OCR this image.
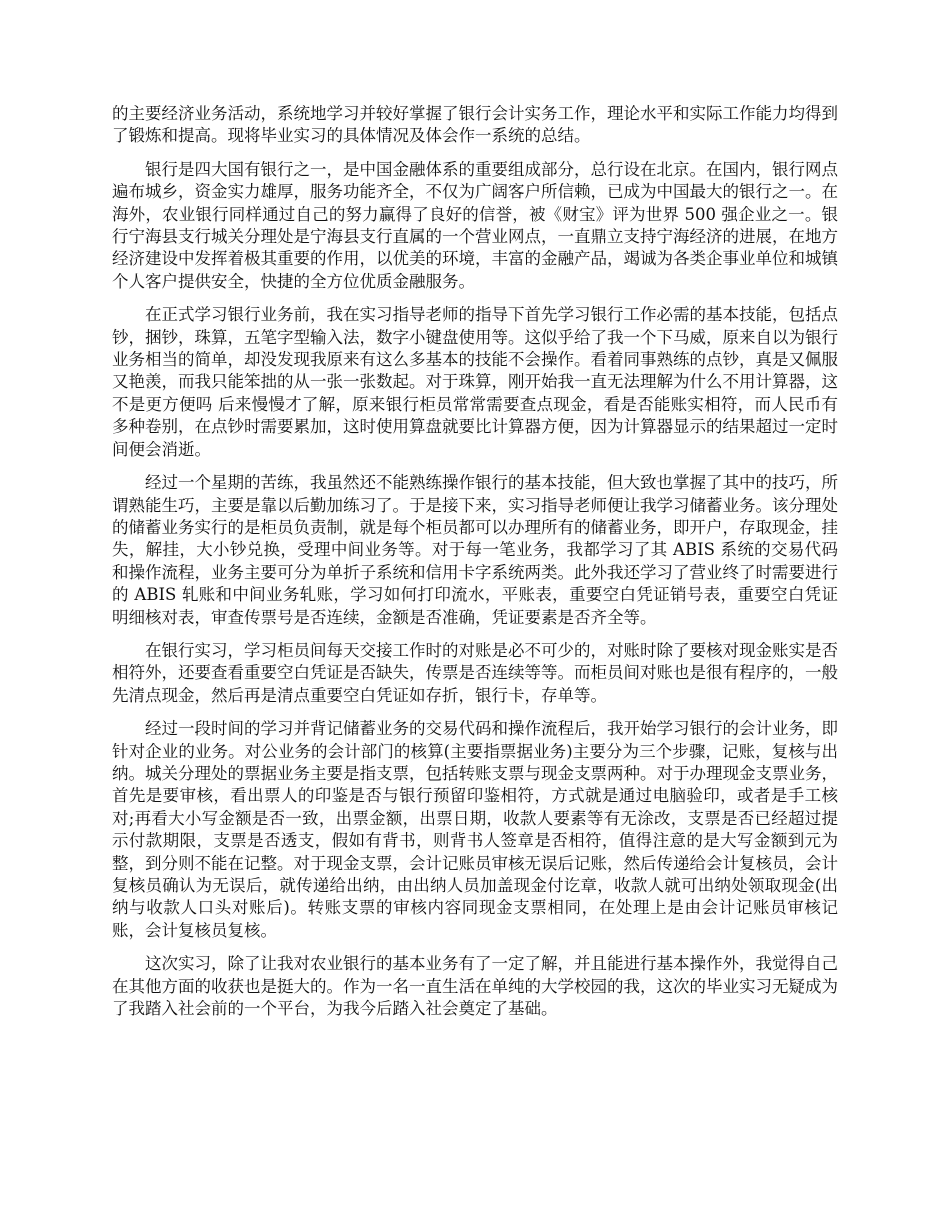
的主要经济业务活动，系统地学习并较好掌握了银行会计实务工作，理论水平和实际工作能力均得到了锻炼和提高。现将毕业实习的具体情况及体会作一系统的总结。

银行是四大国有银行之一，是中国金融体系的重要组成部分，总行设在北京。在国内，银行网点遍布城乡，资金实力雄厚，服务功能齐全，不仅为广阔客户所信赖，已成为中国最大的银行之一。在海外，农业银行同样通过自己的努力赢得了良好的信誉，被《财宝》评为世界 500 强企业之一。银行宁海县支行城关分理处是宁海县支行直属的一个营业网点，一直鼎立支持宁海经济的进展，在地方经济建设中发挥着极其重要的作用，以优美的环境，丰富的金融产品，竭诚为各类企事业单位和城镇个人客户提供安全，快捷的全方位优质金融服务。

在正式学习银行业务前，我在实习指导老师的指导下首先学习银行工作必需的基本技能，包括点钞，捆钞，珠算，五笔字型输入法，数字小键盘使用等。这似乎给了我一个下马威，原来自以为银行业务相当的简单，却没发现我原来有这么多基本的技能不会操作。看着同事熟练的点钞，真是又佩服又艳羡，而我只能笨拙的从一张一张数起。对于珠算，刚开始我一直无法理解为什么不用计算器，这不是更方便吗 后来慢慢才了解，原来银行柜员常常需要查点现金，看是否能账实相符，而人民币有多种卷别，在点钞时需要累加，这时使用算盘就要比计算器方便，因为计算器显示的结果超过一定时间便会消逝。

经过一个星期的苦练，我虽然还不能熟练操作银行的基本技能，但大致也掌握了其中的技巧，所谓熟能生巧，主要是靠以后勤加练习了。于是接下来，实习指导老师便让我学习储蓄业务。该分理处的储蓄业务实行的是柜员负责制，就是每个柜员都可以办理所有的储蓄业务，即开户，存取现金，挂失，解挂，大小钞兑换，受理中间业务等。对于每一笔业务，我都学习了其 ABIS 系统的交易代码和操作流程，业务主要可分为单折子系统和信用卡字系统两类。此外我还学习了营业终了时需要进行的 ABIS 轧账和中间业务轧账，学习如何打印流水，平账表，重要空白凭证销号表，重要空白凭证明细核对表，审查传票号是否连续，金额是否准确，凭证要素是否齐全等。

在银行实习，学习柜员间每天交接工作时的对账是必不可少的，对账时除了要核对现金账实是否相符外，还要查看重要空白凭证是否缺失，传票是否连续等等。而柜员间对账也是很有程序的，一般先清点现金，然后再是清点重要空白凭证如存折，银行卡，存单等。

经过一段时间的学习并背记储蓄业务的交易代码和操作流程后，我开始学习银行的会计业务，即针对企业的业务。对公业务的会计部门的核算(主要指票据业务)主要分为三个步骤，记账，复核与出纳。城关分理处的票据业务主要是指支票，包括转账支票与现金支票两种。对于办理现金支票业务，首先是要审核，看出票人的印鉴是否与银行预留印鉴相符，方式就是通过电脑验印，或者是手工核对;再看大小写金额是否一致，出票金额，出票日期，收款人要素等有无涂改，支票是否已经超过提示付款期限，支票是否透支，假如有背书，则背书人签章是否相符，值得注意的是大写金额到元为整，到分则不能在记整。对于现金支票，会计记账员审核无误后记账，然后传递给会计复核员，会计复核员确认为无误后，就传递给出纳，由出纳人员加盖现金付讫章，收款人就可出纳处领取现金(出纳与收款人口头对账后)。转账支票的审核内容同现金支票相同，在处理上是由会计记账员审核记账，会计复核员复核。

这次实习，除了让我对农业银行的基本业务有了一定了解，并且能进行基本操作外，我觉得自己在其他方面的收获也是挺大的。作为一名一直生活在单纯的大学校园的我，这次的毕业实习无疑成为了我踏入社会前的一个平台，为我今后踏入社会奠定了基础。
